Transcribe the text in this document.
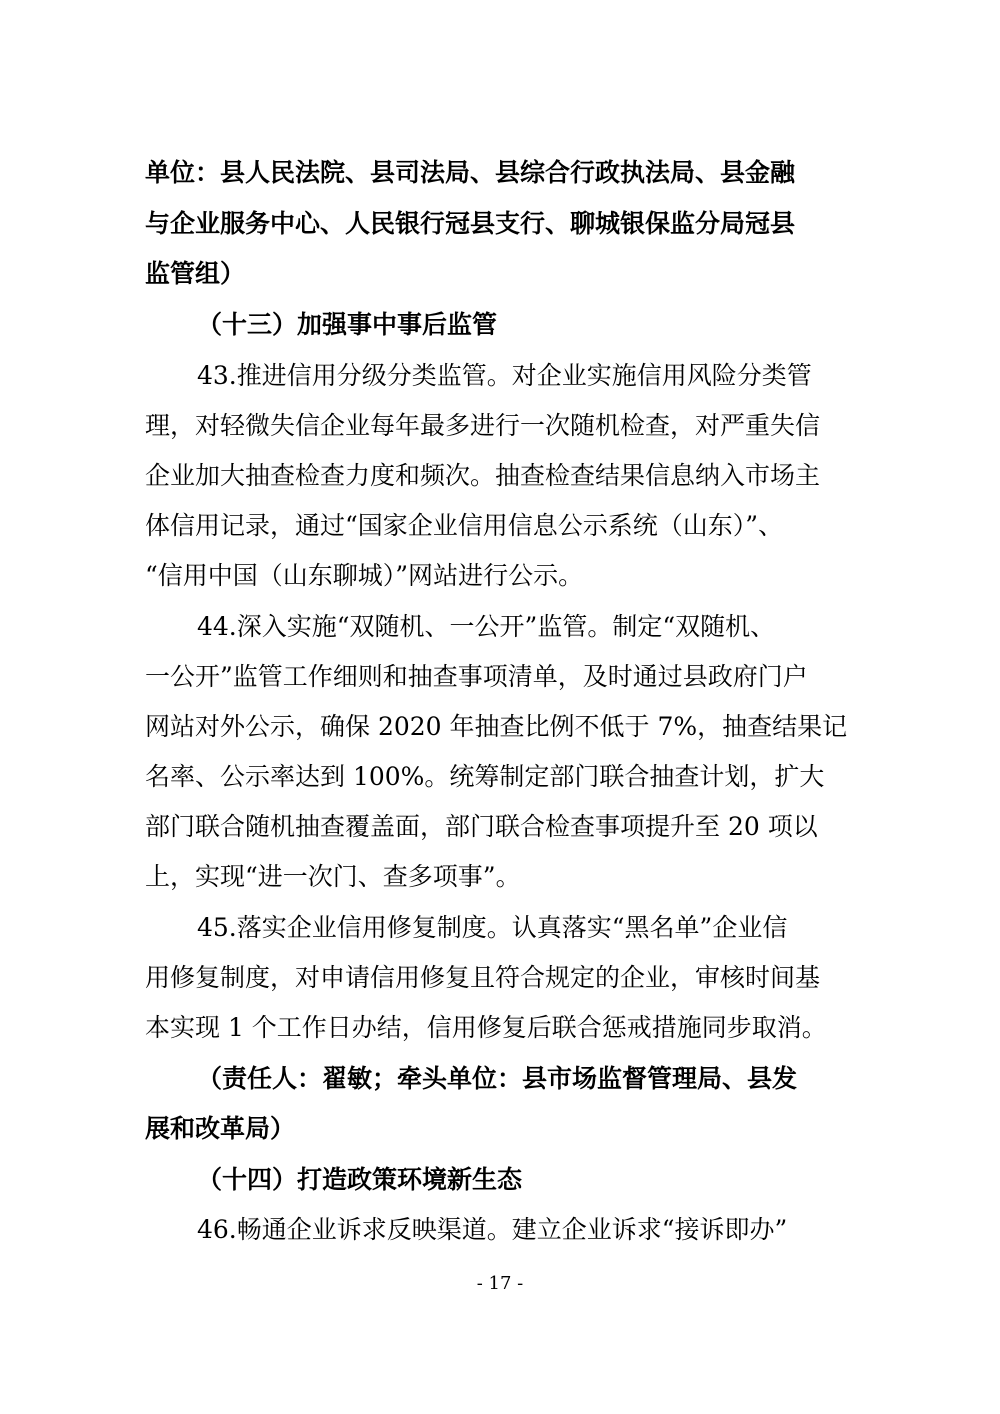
单位：县人民法院、县司法局、县综合行政执法局、县金融
与企业服务中心、人民银行冠县支行、聊城银保监分局冠县
监管组）
（十三）加强事中事后监管
43.推进信用分级分类监管。对企业实施信用风险分类管
理，对轻微失信企业每年最多进行一次随机检查，对严重失信
企业加大抽查检查力度和频次。抽查检查结果信息纳入市场主
体信用记录，通过“国家企业信用信息公示系统（山东）”、
“信用中国（山东聊城）”网站进行公示。
44.深入实施“双随机、一公开”监管。制定“双随机、
一公开”监管工作细则和抽查事项清单，及时通过县政府门户
网站对外公示，确保 2020 年抽查比例不低于 7%，抽查结果记
名率、公示率达到 100%。统筹制定部门联合抽查计划，扩大
部门联合随机抽查覆盖面，部门联合检查事项提升至 20 项以
上，实现“进一次门、查多项事”。
45.落实企业信用修复制度。认真落实“黑名单”企业信
用修复制度，对申请信用修复且符合规定的企业，审核时间基
本实现 1 个工作日办结，信用修复后联合惩戒措施同步取消。
（责任人：翟敏；牵头单位：县市场监督管理局、县发
展和改革局）
（十四）打造政策环境新生态
46.畅通企业诉求反映渠道。建立企业诉求“接诉即办”
- 17 -
